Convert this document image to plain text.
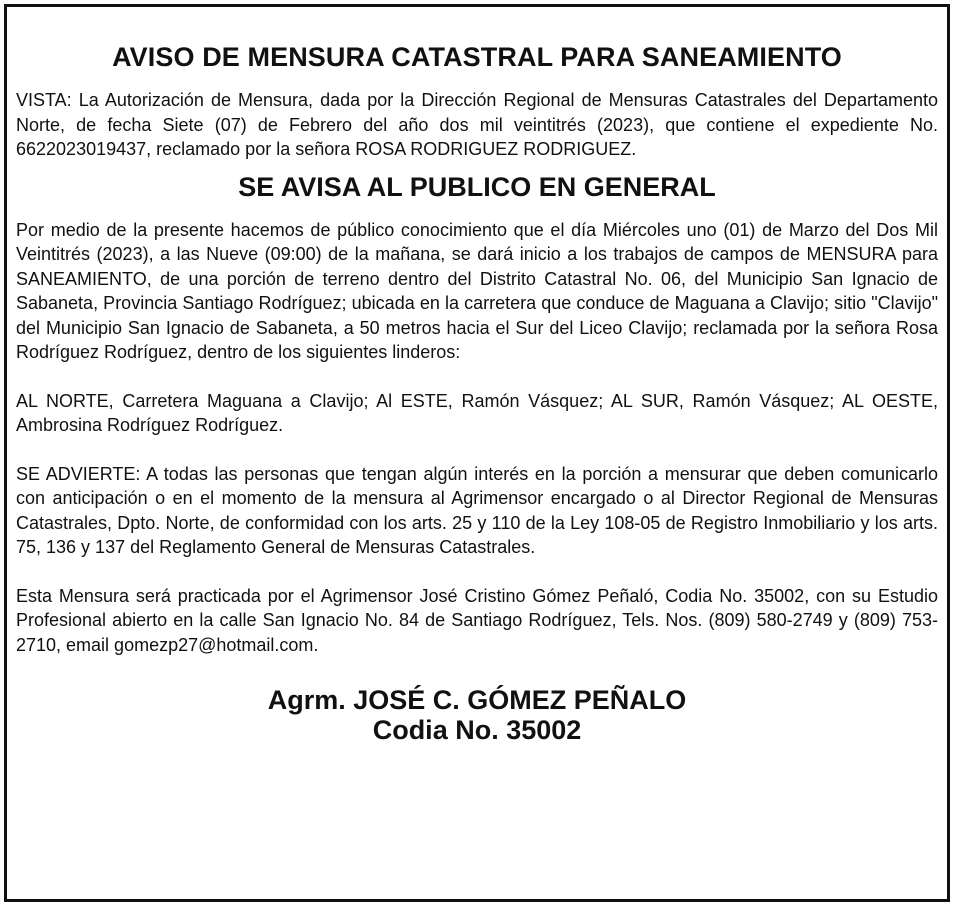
AVISO DE MENSURA CATASTRAL PARA SANEAMIENTO

VISTA: La Autorización de Mensura, dada por la Dirección Regional de Mensuras Catastrales del Departamento Norte, de fecha Siete (07) de Febrero del año dos mil veintitrés (2023), que contiene el expediente No. 6622023019437, reclamado por la señora ROSA RODRIGUEZ RODRIGUEZ.

SE AVISA AL PUBLICO EN GENERAL

Por medio de la presente hacemos de público conocimiento que el día Miércoles uno (01) de Marzo del Dos Mil Veintitrés (2023), a las Nueve (09:00) de la mañana, se dará inicio a los trabajos de campos de MENSURA para SANEAMIENTO, de una porción de terreno dentro del Distrito Catastral No. 06, del Municipio San Ignacio de Sabaneta, Provincia Santiago Rodríguez; ubicada en la carretera que conduce de Maguana a Clavijo; sitio "Clavijo" del Municipio San Ignacio de Sabaneta, a 50 metros hacia el Sur del Liceo Clavijo; reclamada por la señora Rosa Rodríguez Rodríguez, dentro de los siguientes linderos:

AL NORTE, Carretera Maguana a Clavijo; Al ESTE, Ramón Vásquez; AL SUR, Ramón Vásquez; AL OESTE, Ambrosina Rodríguez Rodríguez.

SE ADVIERTE: A todas las personas que tengan algún interés en la porción a mensurar que deben comunicarlo con anticipación o en el momento de la mensura al Agrimensor encargado o al Director Regional de Mensuras Catastrales, Dpto. Norte, de conformidad con los arts. 25 y 110 de la Ley 108-05 de Registro Inmobiliario y los arts. 75, 136 y 137 del Reglamento General de Mensuras Catastrales.

Esta Mensura será practicada por el Agrimensor José Cristino Gómez Peñaló, Codia No. 35002, con su Estudio Profesional abierto en la calle San Ignacio No. 84 de Santiago Rodríguez, Tels. Nos. (809) 580-2749 y (809) 753-2710, email gomezp27@hotmail.com.

Agrm. JOSÉ C. GÓMEZ PEÑALO
Codia No. 35002
